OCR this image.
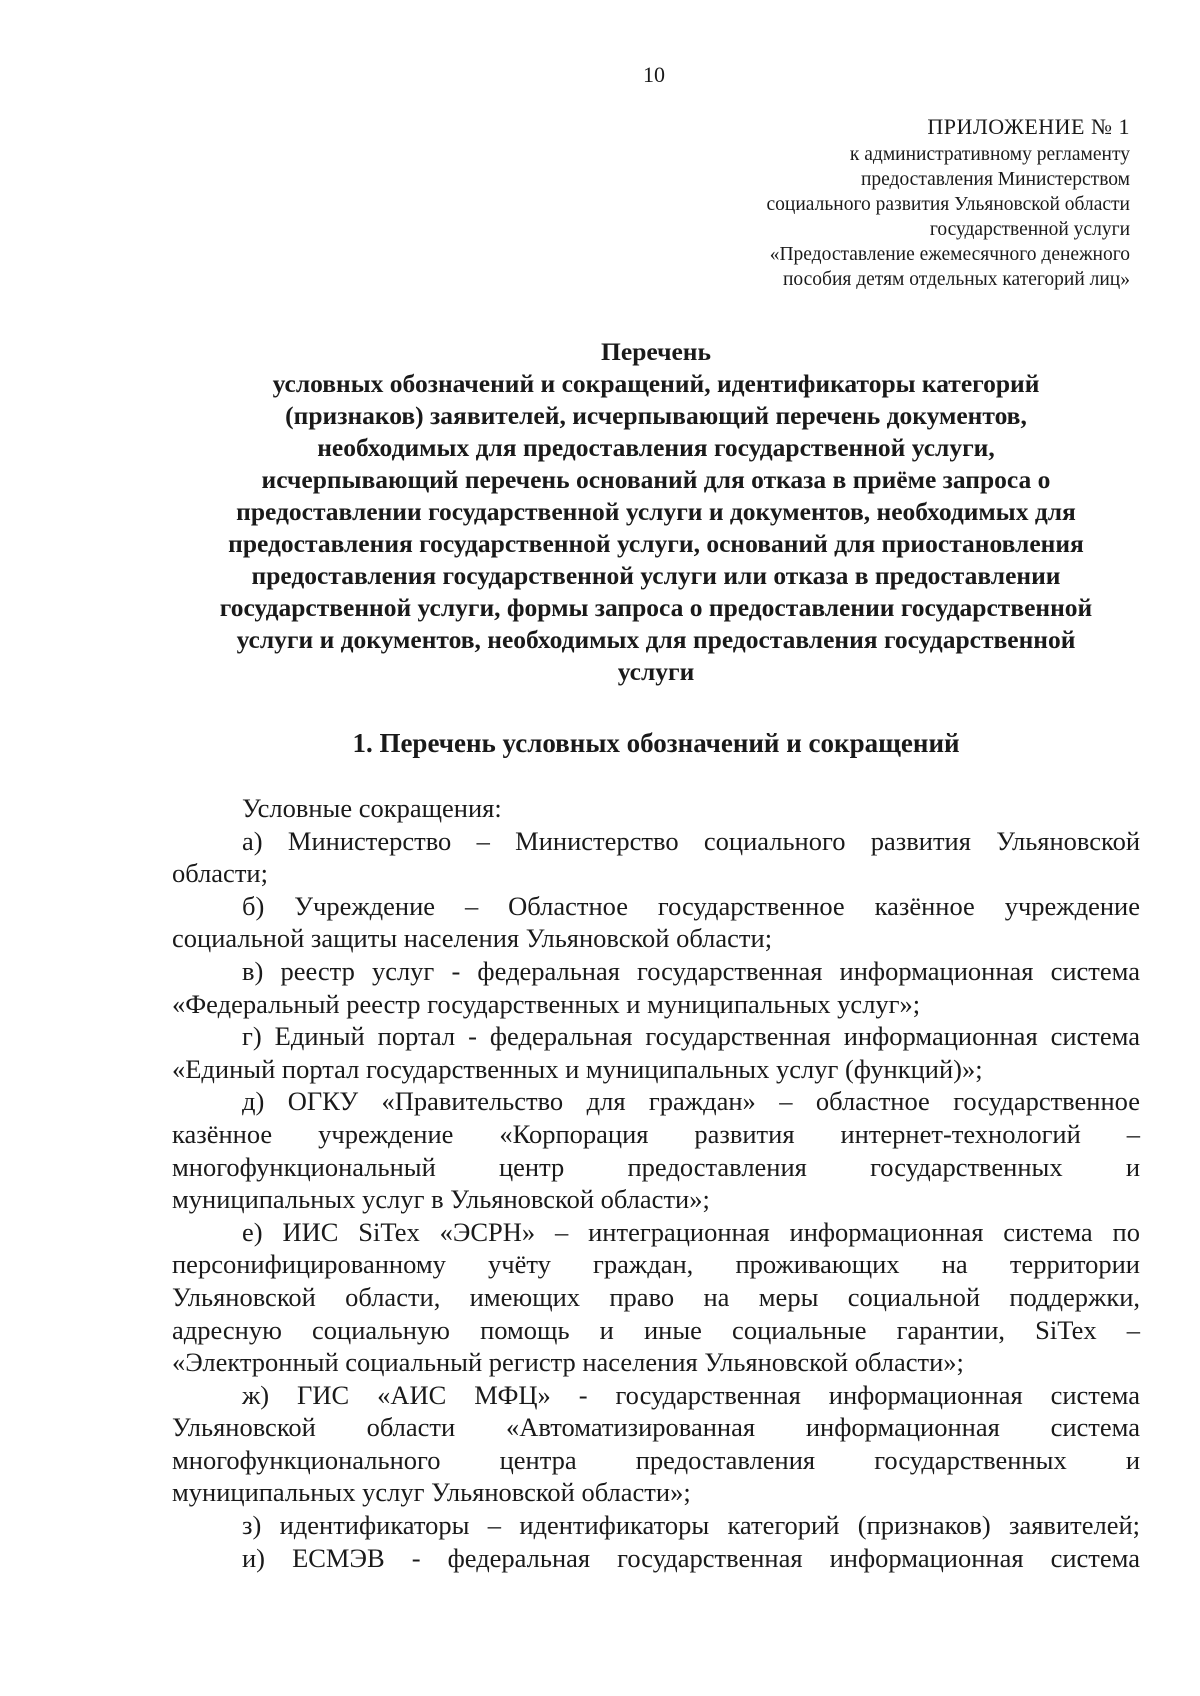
10
ПРИЛОЖЕНИЕ № 1
к административному регламенту
предоставления Министерством
социального развития Ульяновской области
государственной услуги
«Предоставление ежемесячного денежного
пособия детям отдельных категорий лиц»
Перечень
условных обозначений и сокращений, идентификаторы категорий
(признаков) заявителей, исчерпывающий перечень документов,
необходимых для предоставления государственной услуги,
исчерпывающий перечень оснований для отказа в приёме запроса о
предоставлении государственной услуги и документов, необходимых для
предоставления государственной услуги, оснований для приостановления
предоставления государственной услуги или отказа в предоставлении
государственной услуги, формы запроса о предоставлении государственной
услуги и документов, необходимых для предоставления государственной
услуги
1. Перечень условных обозначений и сокращений
Условные сокращения:
а) Министерство – Министерство социального развития Ульяновской
области;
б) Учреждение – Областное государственное казённое учреждение
социальной защиты населения Ульяновской области;
в) реестр услуг - федеральная государственная информационная система
«Федеральный реестр государственных и муниципальных услуг»;
г) Единый портал - федеральная государственная информационная система
«Единый портал государственных и муниципальных услуг (функций)»;
д) ОГКУ «Правительство для граждан» – областное государственное
казённое учреждение «Корпорация развития интернет-технологий –
многофункциональный центр предоставления государственных и
муниципальных услуг в Ульяновской области»;
е) ИИС SiTex «ЭСРН» – интеграционная информационная система по
персонифицированному учёту граждан, проживающих на территории
Ульяновской области, имеющих право на меры социальной поддержки,
адресную социальную помощь и иные социальные гарантии, SiTex –
«Электронный социальный регистр населения Ульяновской области»;
ж) ГИС «АИС МФЦ» - государственная информационная система
Ульяновской области «Автоматизированная информационная система
многофункционального центра предоставления государственных и
муниципальных услуг Ульяновской области»;
з) идентификаторы – идентификаторы категорий (признаков) заявителей;
и) ЕСМЭВ - федеральная государственная информационная система
